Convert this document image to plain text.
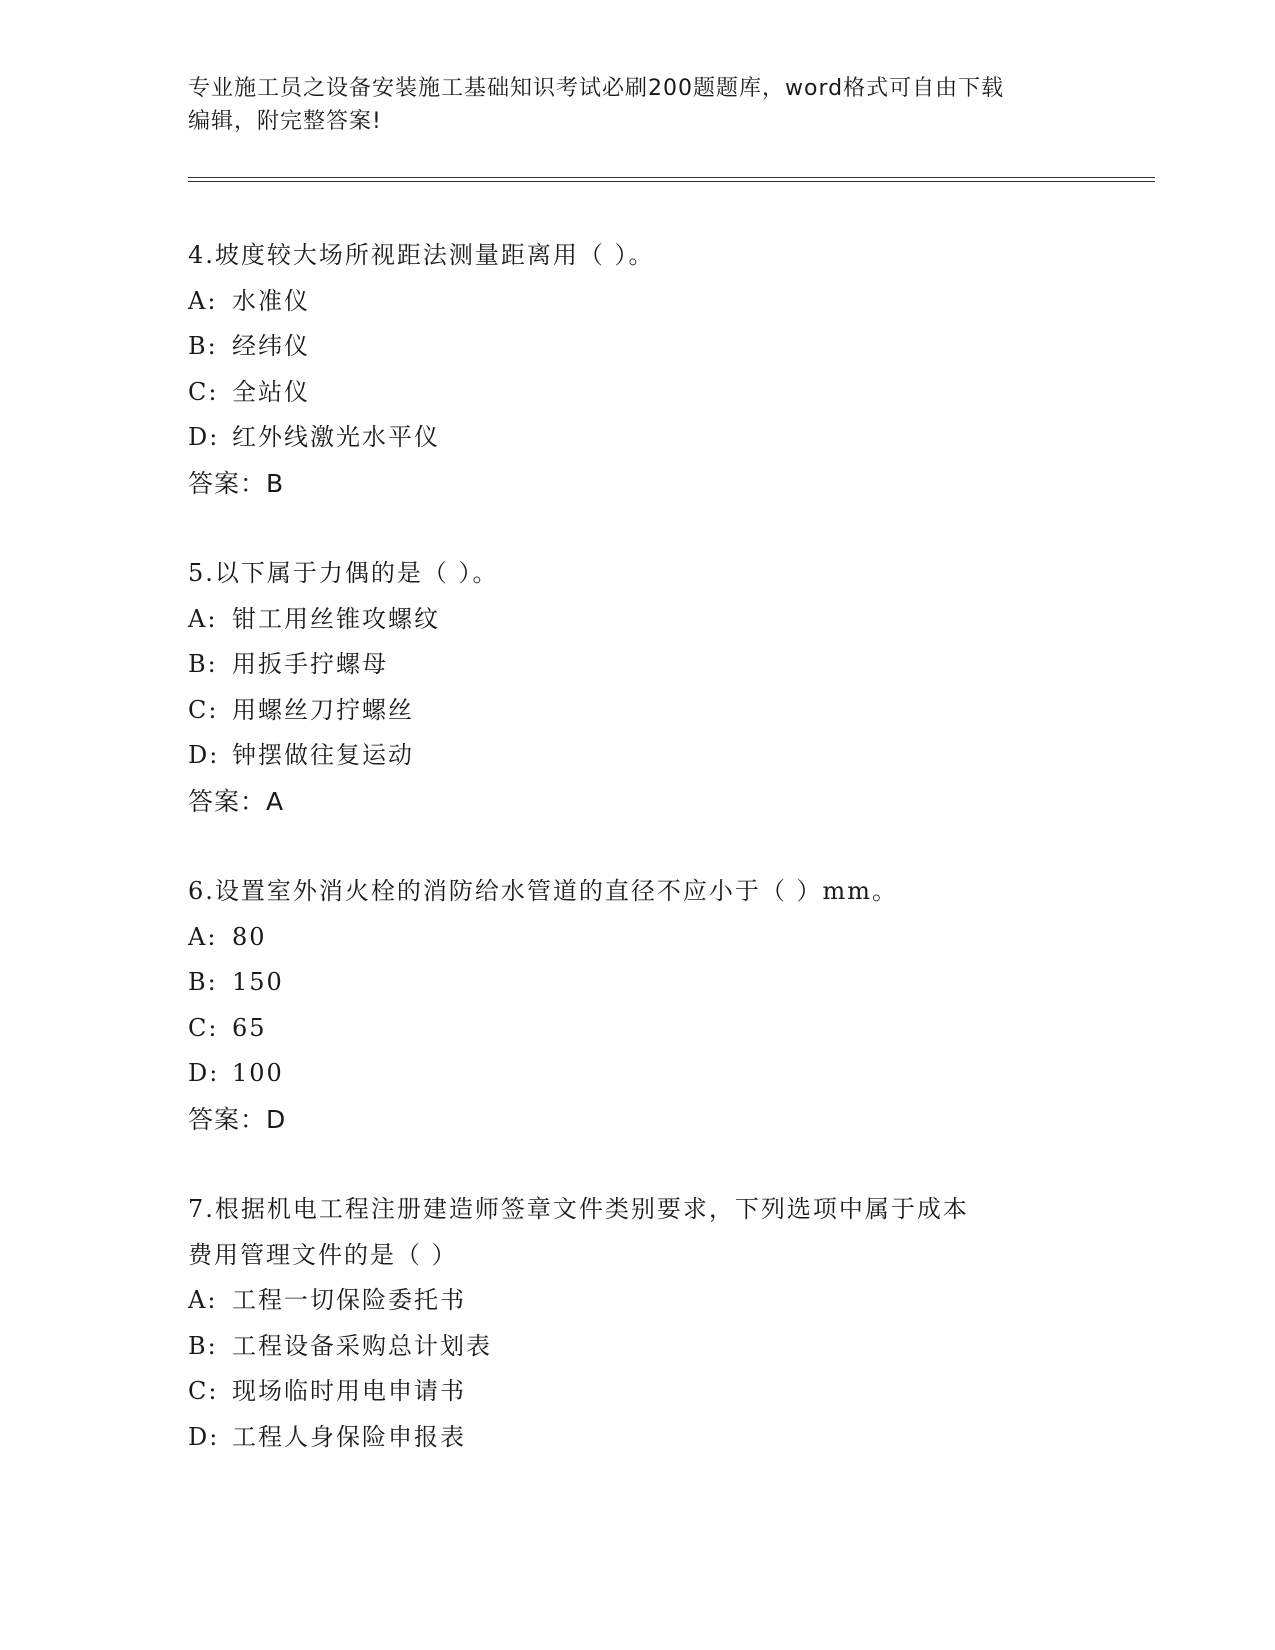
专业施工员之设备安装施工基础知识考试必刷200题题库，word格式可自由下载
编辑，附完整答案!
4.坡度较大场所视距法测量距离用（ ）。
A: 水准仪
B: 经纬仪
C: 全站仪
D: 红外线激光水平仪
答案：B
5.以下属于力偶的是（ ）。
A: 钳工用丝锥攻螺纹
B: 用扳手拧螺母
C: 用螺丝刀拧螺丝
D: 钟摆做往复运动
答案：A
6.设置室外消火栓的消防给水管道的直径不应小于（ ）mm。
A: 80
B: 150
C: 65
D: 100
答案：D
7.根据机电工程注册建造师签章文件类别要求，下列选项中属于成本
费用管理文件的是（ ）
A: 工程一切保险委托书
B: 工程设备采购总计划表
C: 现场临时用电申请书
D: 工程人身保险申报表
